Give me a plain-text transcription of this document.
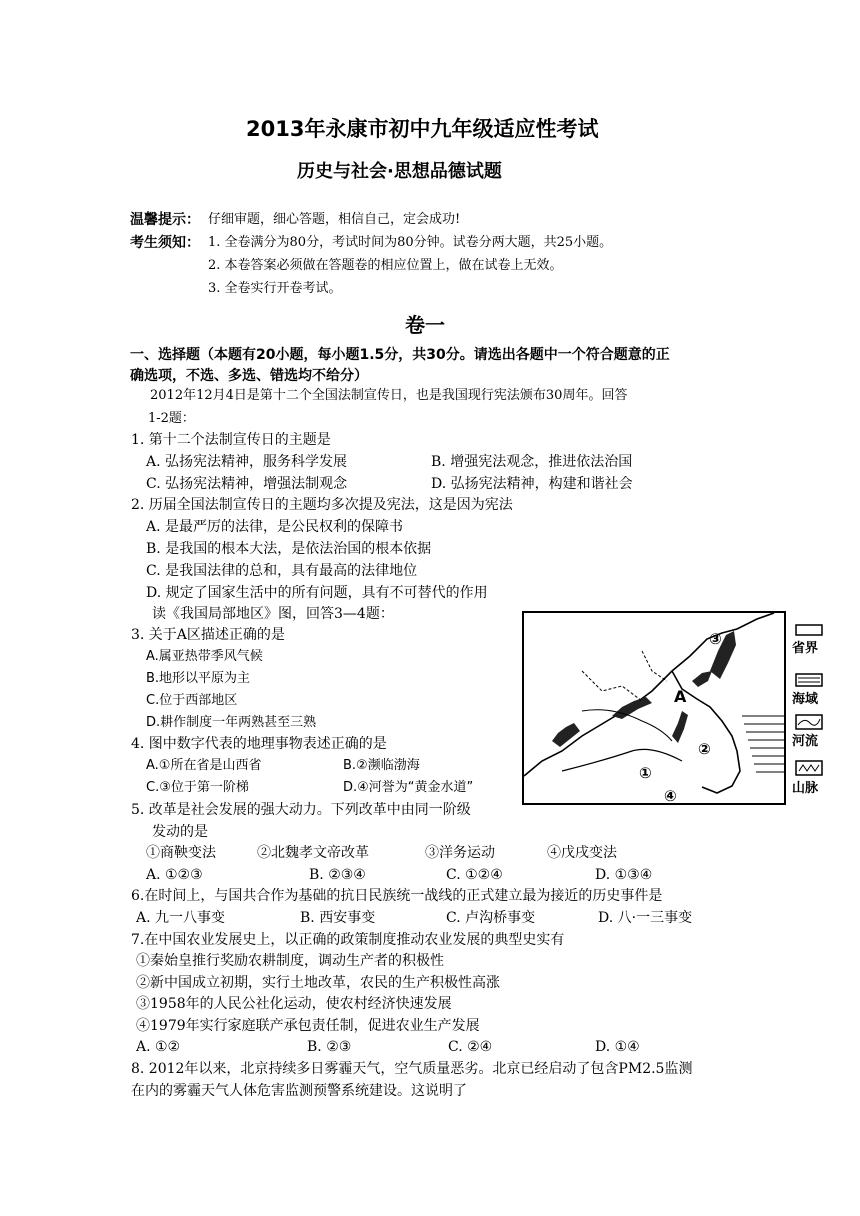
2013年永康市初中九年级适应性考试
历史与社会·思想品德试题
温馨提示： 仔细审题，细心答题，相信自己，定会成功!
考生须知： 1. 全卷满分为80分，考试时间为80分钟。试卷分两大题，共25小题。
2. 本卷答案必须做在答题卷的相应位置上，做在试卷上无效。
3. 全卷实行开卷考试。
卷一
一、选择题（本题有20小题，每小题1.5分，共30分。请选出各题中一个符合题意的正
确选项，不选、多选、错选均不给分）
2012年12月4日是第十二个全国法制宣传日，也是我国现行宪法颁布30周年。回答
1-2题：
1. 第十二个法制宣传日的主题是
A. 弘扬宪法精神，服务科学发展	B. 增强宪法观念，推进依法治国
C. 弘扬宪法精神，增强法制观念	D. 弘扬宪法精神，构建和谐社会
2. 历届全国法制宣传日的主题均多次提及宪法，这是因为宪法
A. 是最严厉的法律，是公民权利的保障书
B. 是我国的根本大法，是依法治国的根本依据
C. 是我国法律的总和，具有最高的法律地位
D. 规定了国家生活中的所有问题，具有不可替代的作用
读《我国局部地区》图，回答3—4题：
3. 关于A区描述正确的是
A.属亚热带季风气候
B.地形以平原为主
C.位于西部地区
D.耕作制度一年两熟甚至三熟
4. 图中数字代表的地理事物表述正确的是
A.①所在省是山西省	B.②濒临渤海
C.③位于第一阶梯	D.④河誉为“黄金水道”
5. 改革是社会发展的强大动力。下列改革中由同一阶级
发动的是
①商鞅变法	②北魏孝文帝改革	③洋务运动	④戊戌变法
A. ①②③	B. ②③④	C. ①②④	D. ①③④
6.在时间上，与国共合作为基础的抗日民族统一战线的正式建立最为接近的历史事件是
A. 九一八事变	B. 西安事变	C. 卢沟桥事变	D. 八·一三事变
7.在中国农业发展史上，以正确的政策制度推动农业发展的典型史实有
①秦始皇推行奖励农耕制度，调动生产者的积极性
②新中国成立初期，实行土地改革，农民的生产积极性高涨
③1958年的人民公社化运动，使农村经济快速发展
④1979年实行家庭联产承包责任制，促进农业生产发展
A. ①②	B. ②③	C. ②④	D. ①④
8. 2012年以来，北京持续多日雾霾天气，空气质量恶劣。北京已经启动了包含PM2.5监测
在内的雾霾天气人体危害监测预警系统建设。这说明了
A
①
②
③
④
省界
海域
河流
山脉
